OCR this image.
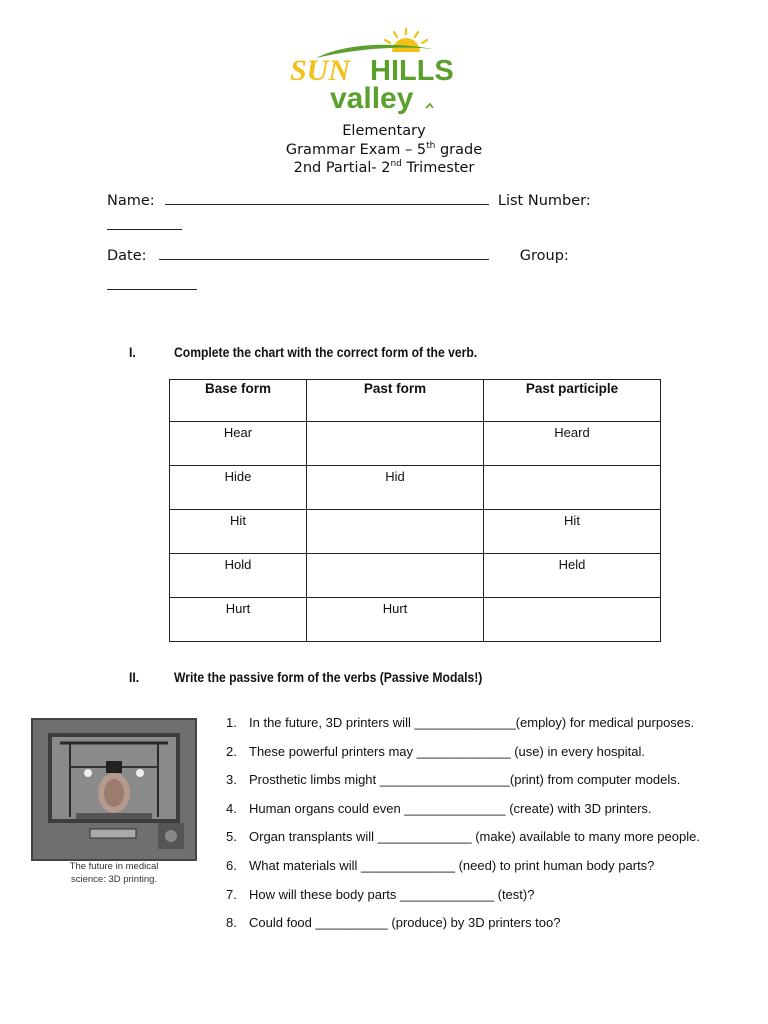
SUN HILLS
valley
Elementary
Grammar Exam – 5th grade
2nd Partial- 2nd Trimester
Name:	List Number:
Date:	Group:
I.	Complete the chart with the correct form of the verb.
Base form	Past form	Past participle
Hear		Heard
Hide	Hid	
Hit		Hit
Hold		Held
Hurt	Hurt	
II.	Write the passive form of the verbs (Passive Modals!)
The future in medical
science: 3D printing.
1. In the future, 3D printers will ______________(employ) for medical purposes.
2. These powerful printers may _____________ (use) in every hospital.
3. Prosthetic limbs might __________________(print) from computer models.
4. Human organs could even ______________ (create) with 3D printers.
5. Organ transplants will _____________ (make) available to many more people.
6. What materials will _____________ (need) to print human body parts?
7. How will these body parts _____________ (test)?
8. Could food __________ (produce) by 3D printers too?
